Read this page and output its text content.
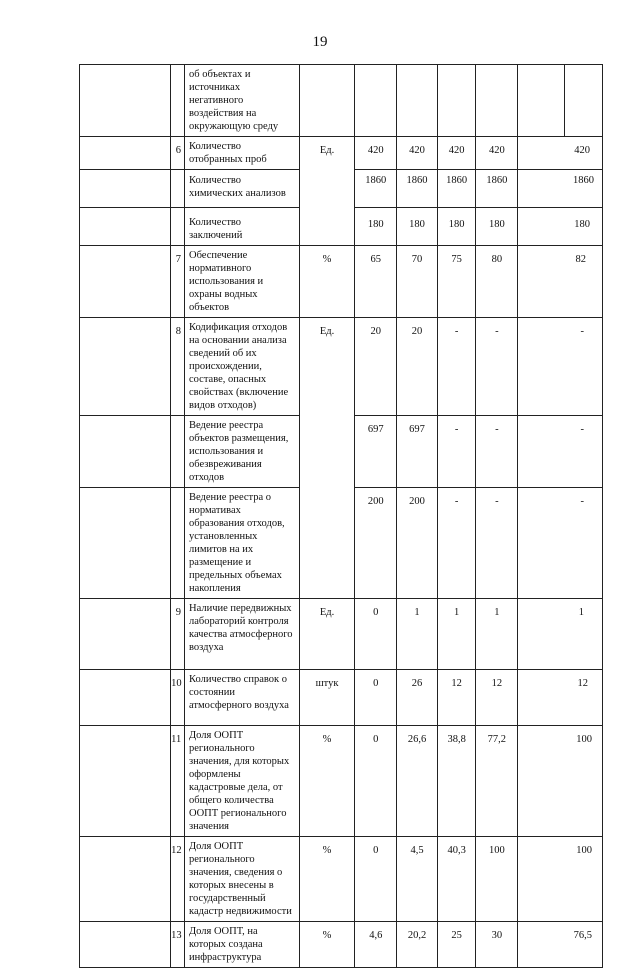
19
		об объектах и источниках негативного воздействия на окружающую среду							
	6	Количество отобранных проб	Ед.	420	420	420	420	420	
		Количество химических анализов		1860	1860	1860	1860	1860	
		Количество заключений		180	180	180	180	180	
	7	Обеспечение нормативного использования и охраны водных объектов	%	65	70	75	80	82	
	8	Кодификация отходов на основании анализа сведений об их происхождении, составе, опасных свойствах (включение видов отходов)	Ед.	20	20	-	-	-	
		Ведение реестра объектов размещения, использования и обезвреживания отходов		697	697	-	-	-	
		Ведение реестра о нормативах образования отходов, установленных лимитов на их размещение и предельных объемах накопления		200	200	-	-	-	
	9	Наличие передвижных лабораторий контроля качества атмосферного воздуха	Ед.	0	1	1	1	1	
	10	Количество справок о состоянии атмосферного воздуха	штук	0	26	12	12	12	
	11	Доля ООПТ регионального значения, для которых оформлены кадастровые дела, от общего количества ООПТ регионального значения	%	0	26,6	38,8	77,2	100	
	12	Доля ООПТ регионального значения, сведения о которых внесены в государственный кадастр недвижимости	%	0	4,5	40,3	100	100	
	13	Доля ООПТ, на которых создана инфраструктура	%	4,6	20,2	25	30	76,5	
